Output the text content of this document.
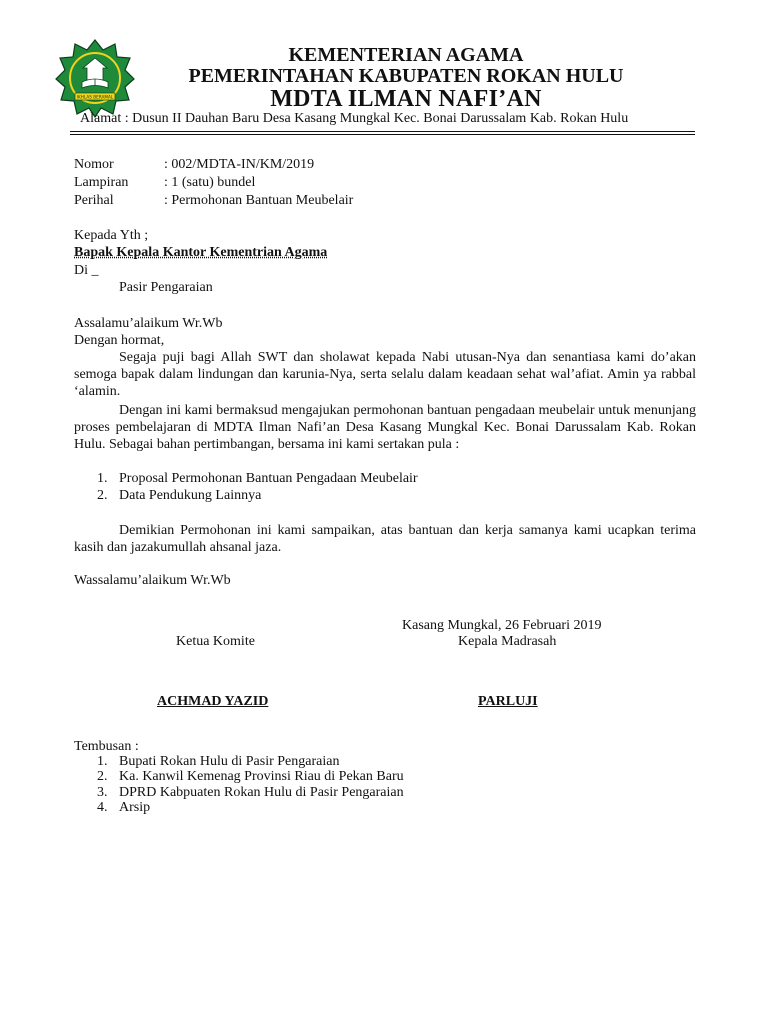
IKHLAS BERAMAL
KEMENTERIAN AGAMA
PEMERINTAHAN KABUPATEN ROKAN HULU
MDTA ILMAN NAFI’AN
Alamat : Dusun II Dauhan Baru Desa Kasang Mungkal Kec. Bonai Darussalam Kab. Rokan Hulu
Nomor	: 002/MDTA-IN/KM/2019
Lampiran	: 1 (satu) bundel
Perihal	: Permohonan Bantuan Meubelair
Kepada Yth ;
Bapak Kepala Kantor Kementrian Agama
Di _
Pasir Pengaraian
Assalamu’alaikum Wr.Wb
Dengan hormat,
Segaja puji bagi Allah SWT dan sholawat kepada Nabi utusan-Nya dan senantiasa kami do’akan semoga bapak dalam lindungan dan karunia-Nya, serta selalu dalam keadaan sehat wal’afiat. Amin ya rabbal ‘alamin.
Dengan ini kami bermaksud mengajukan permohonan bantuan pengadaan meubelair untuk menunjang proses pembelajaran di MDTA Ilman Nafi’an Desa Kasang Mungkal Kec. Bonai Darussalam Kab. Rokan Hulu. Sebagai bahan pertimbangan, bersama ini kami sertakan pula :
1. Proposal Permohonan Bantuan Pengadaan Meubelair
2. Data Pendukung Lainnya
Demikian Permohonan ini kami sampaikan, atas bantuan dan kerja samanya kami ucapkan terima kasih dan jazakumullah ahsanal jaza.
Wassalamu’alaikum Wr.Wb
Kasang Mungkal, 26 Februari 2019
Ketua Komite	Kepala Madrasah
ACHMAD YAZID	PARLUJI
Tembusan :
1. Bupati Rokan Hulu di Pasir Pengaraian
2. Ka. Kanwil Kemenag Provinsi Riau di Pekan Baru
3. DPRD Kabpuaten Rokan Hulu di Pasir Pengaraian
4. Arsip
